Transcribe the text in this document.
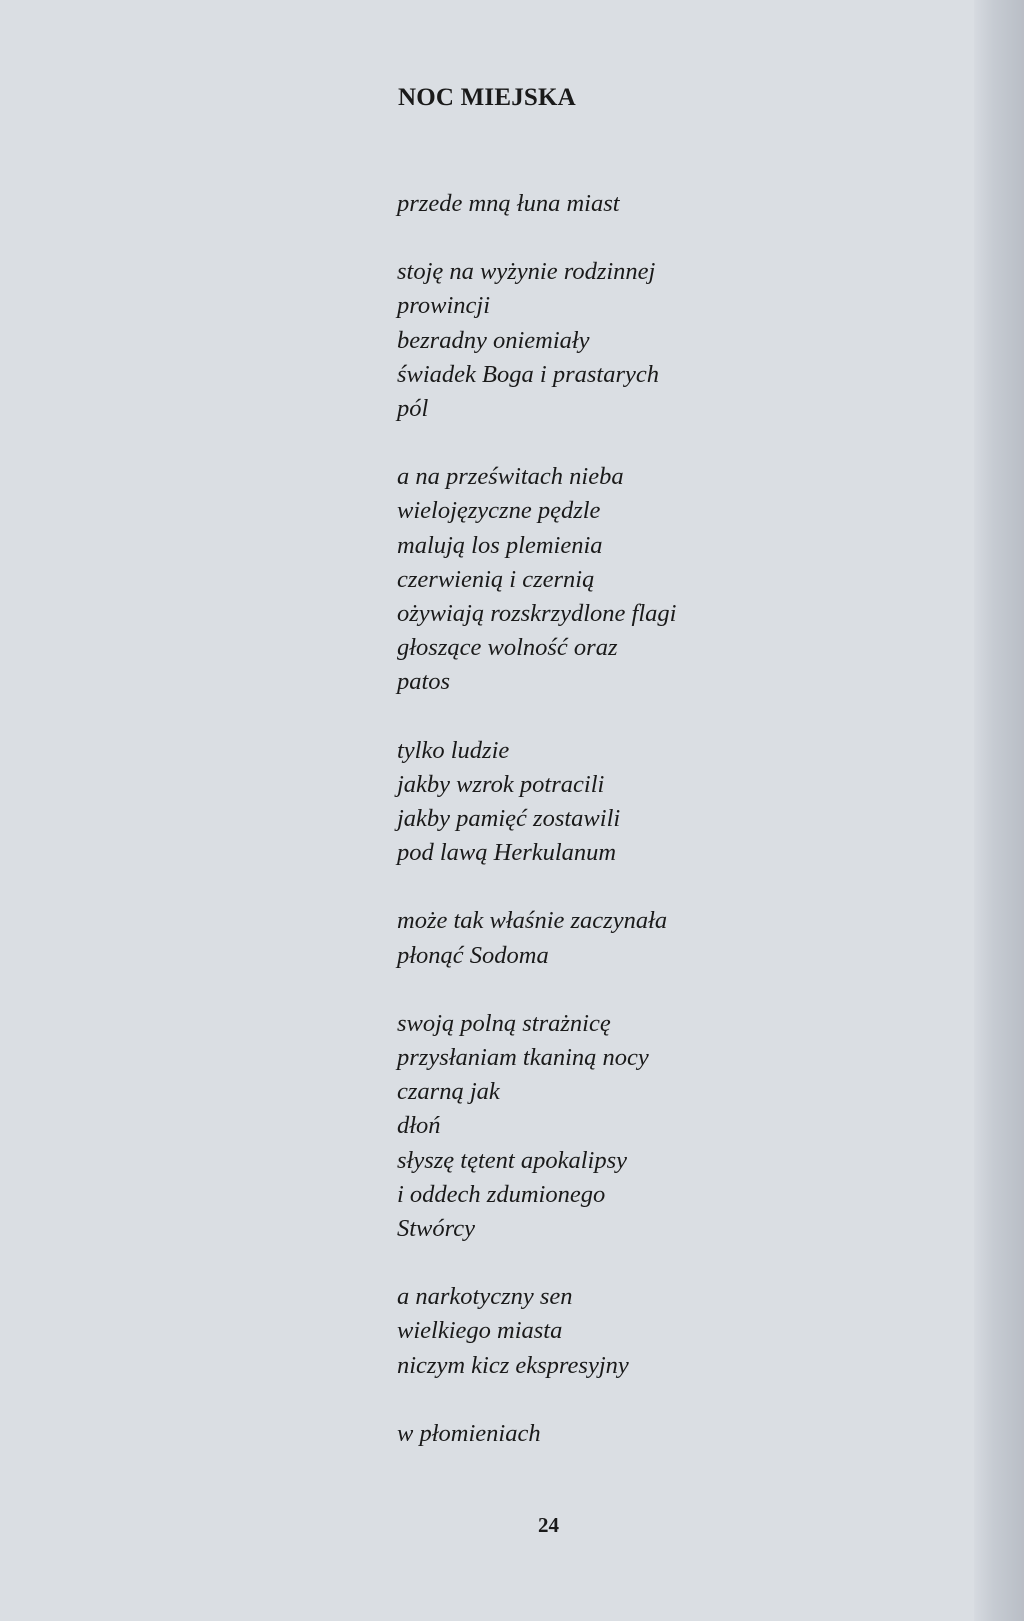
NOC MIEJSKA
przede mną łuna miast
stoję na wyżynie rodzinnej
prowincji
bezradny oniemiały
świadek Boga i prastarych
pól
a na prześwitach nieba
wielojęzyczne pędzle
malują los plemienia
czerwienią i czernią
ożywiają rozskrzydlone flagi
głoszące wolność oraz
patos
tylko ludzie
jakby wzrok potracili
jakby pamięć zostawili
pod lawą Herkulanum
może tak właśnie zaczynała
płonąć Sodoma
swoją polną strażnicę
przysłaniam tkaniną nocy
czarną jak
dłoń
słyszę tętent apokalipsy
i oddech zdumionego
Stwórcy
a narkotyczny sen
wielkiego miasta
niczym kicz ekspresyjny
w płomieniach
24
